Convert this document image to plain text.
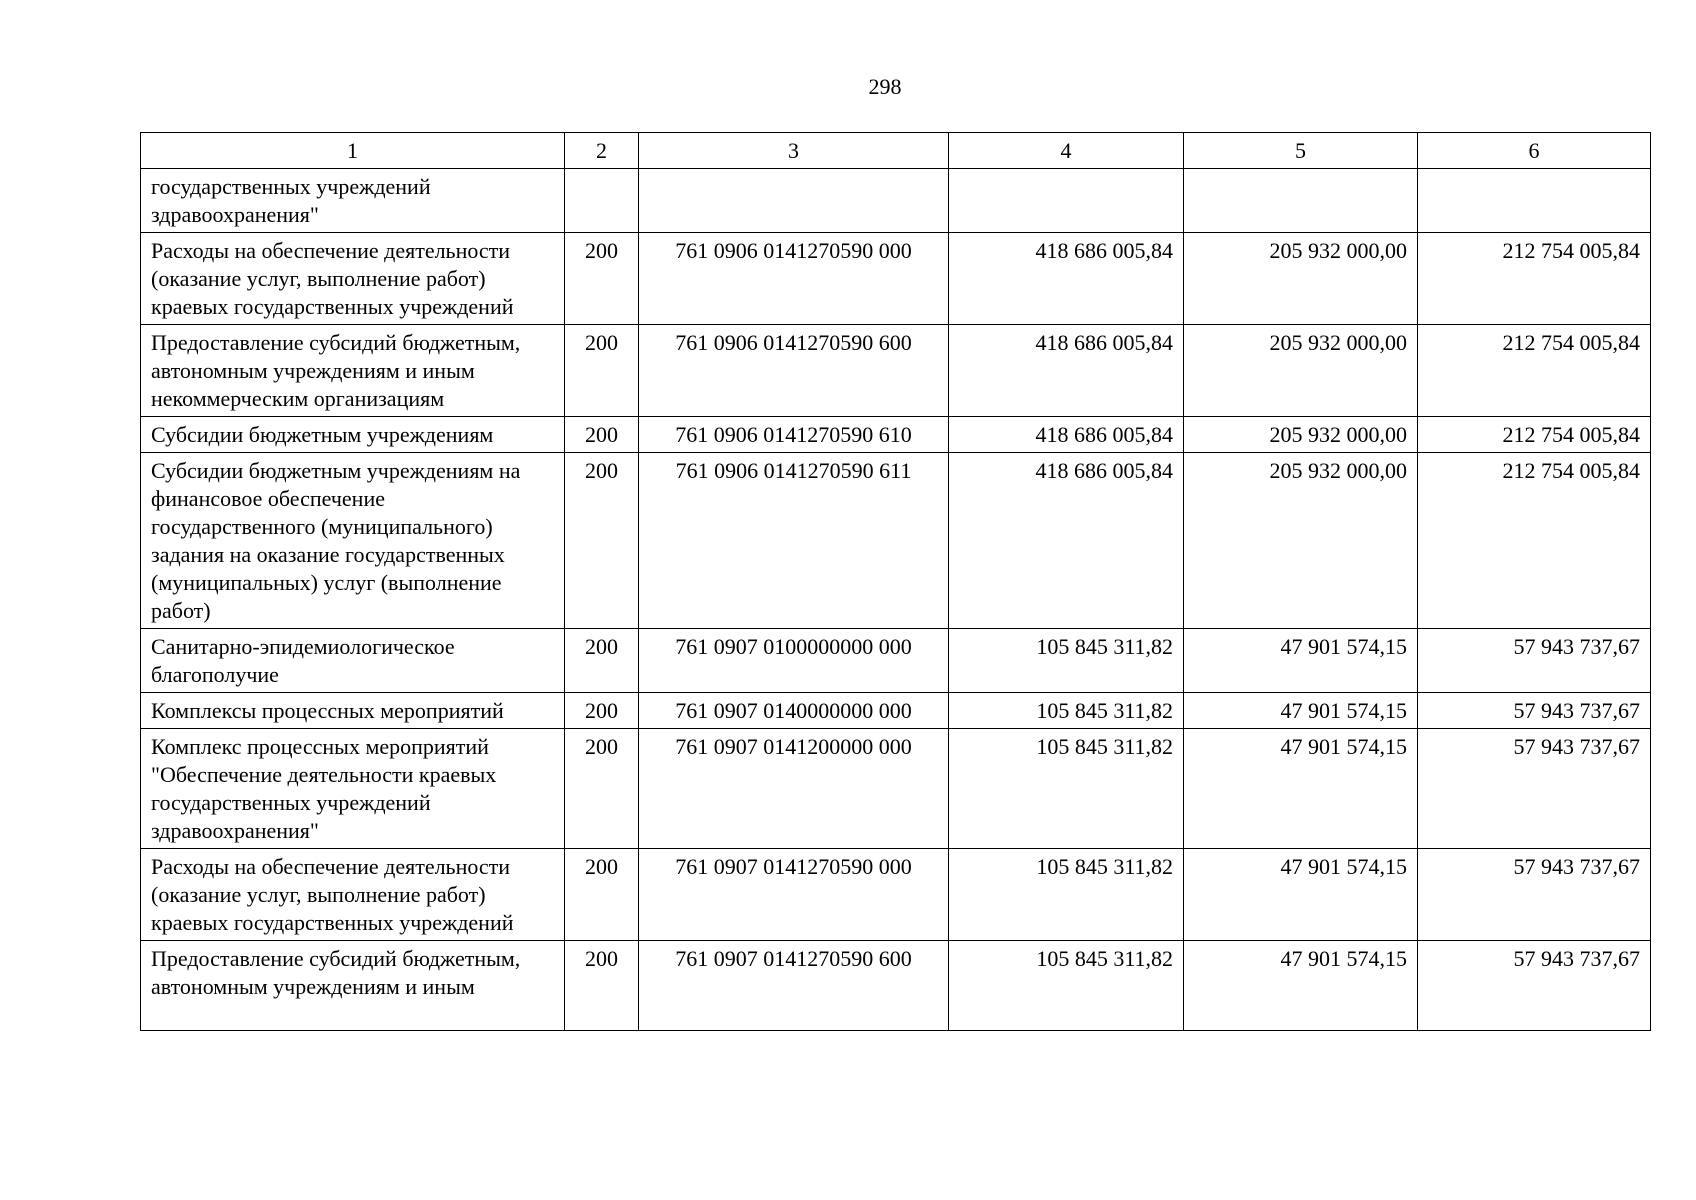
298
1	2	3	4	5	6
государственных учреждений здравоохранения"					
Расходы на обеспечение деятельности (оказание услуг, выполнение работ) краевых государственных учреждений	200	761 0906 0141270590 000	418 686 005,84	205 932 000,00	212 754 005,84
Предоставление субсидий бюджетным, автономным учреждениям и иным некоммерческим организациям	200	761 0906 0141270590 600	418 686 005,84	205 932 000,00	212 754 005,84
Субсидии бюджетным учреждениям	200	761 0906 0141270590 610	418 686 005,84	205 932 000,00	212 754 005,84
Субсидии бюджетным учреждениям на финансовое обеспечение государственного (муниципального) задания на оказание государственных (муниципальных) услуг (выполнение работ)	200	761 0906 0141270590 611	418 686 005,84	205 932 000,00	212 754 005,84
Санитарно-эпидемиологическое благополучие	200	761 0907 0100000000 000	105 845 311,82	47 901 574,15	57 943 737,67
Комплексы процессных мероприятий	200	761 0907 0140000000 000	105 845 311,82	47 901 574,15	57 943 737,67
Комплекс процессных мероприятий "Обеспечение деятельности краевых государственных учреждений здравоохранения"	200	761 0907 0141200000 000	105 845 311,82	47 901 574,15	57 943 737,67
Расходы на обеспечение деятельности (оказание услуг, выполнение работ) краевых государственных учреждений	200	761 0907 0141270590 000	105 845 311,82	47 901 574,15	57 943 737,67
Предоставление субсидий бюджетным, автономным учреждениям и иным	200	761 0907 0141270590 600	105 845 311,82	47 901 574,15	57 943 737,67
